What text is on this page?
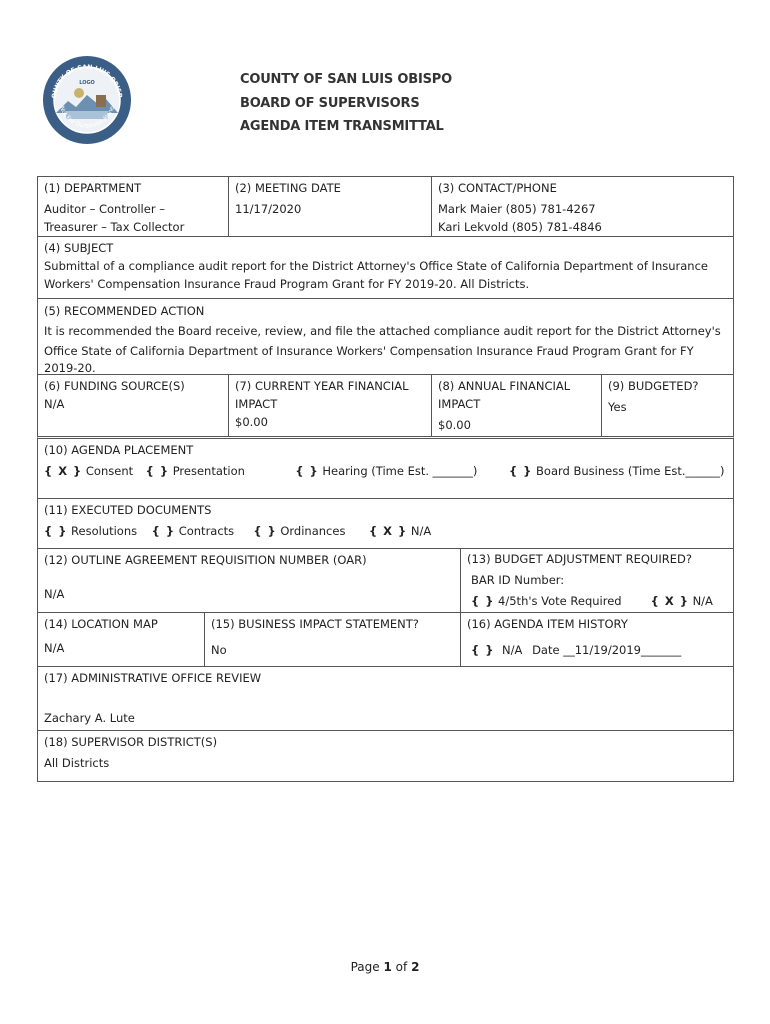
OUNTY OF SAN LUIS OBISP
Not For Ourselves Alone
LOGO	COUNTY OF SAN LUIS OBISPO
BOARD OF SUPERVISORS
AGENDA ITEM TRANSMITTAL
(1) DEPARTMENT
Auditor – Controller –
Treasurer – Tax Collector
(2) MEETING DATE
11/17/2020
(3) CONTACT/PHONE
Mark Maier (805) 781-4267
Kari Lekvold (805) 781-4846
(4) SUBJECT
Submittal of a compliance audit report for the District Attorney's Office State of California Department of Insurance
Workers' Compensation Insurance Fraud Program Grant for FY 2019-20. All Districts.
(5) RECOMMENDED ACTION
It is recommended the Board receive, review, and file the attached compliance audit report for the District Attorney's
Office State of California Department of Insurance Workers' Compensation Insurance Fraud Program Grant for FY
2019-20.
(6) FUNDING SOURCE(S)
N/A
(7) CURRENT YEAR FINANCIAL
IMPACT
$0.00
(8) ANNUAL FINANCIAL
IMPACT
$0.00
(9) BUDGETED?
Yes
(10) AGENDA PLACEMENT
{ X } Consent { } Presentation	{ } Hearing (Time Est. _______)	{ } Board Business (Time Est.______)
(11) EXECUTED DOCUMENTS
{ } Resolutions { } Contracts { } Ordinances { X } N/A
(12) OUTLINE AGREEMENT REQUISITION NUMBER (OAR)
N/A
(13) BUDGET ADJUSTMENT REQUIRED?
BAR ID Number:
{ } 4/5th's Vote Required	{ X } N/A
(14) LOCATION MAP
N/A
(15) BUSINESS IMPACT STATEMENT?
No
(16) AGENDA ITEM HISTORY
{ } N/A Date __11/19/2019_______
(17) ADMINISTRATIVE OFFICE REVIEW
Zachary A. Lute
(18) SUPERVISOR DISTRICT(S)
All Districts
Page 1 of 2
